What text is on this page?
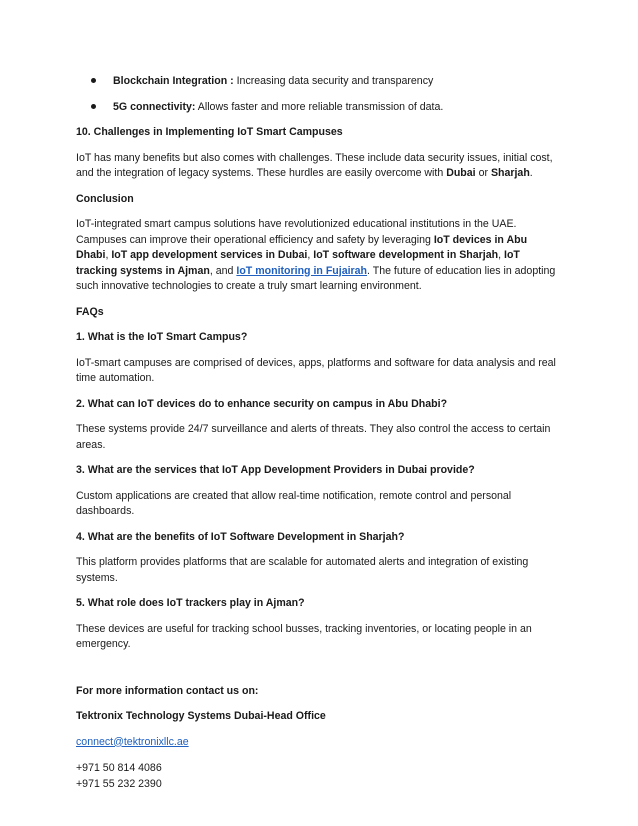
Blockchain Integration : Increasing data security and transparency
5G connectivity: Allows faster and more reliable transmission of data.

10. Challenges in Implementing IoT Smart Campuses

IoT has many benefits but also comes with challenges. These include data security issues, initial cost, and the integration of legacy systems. These hurdles are easily overcome with Dubai or Sharjah.

Conclusion

IoT-integrated smart campus solutions have revolutionized educational institutions in the UAE. Campuses can improve their operational efficiency and safety by leveraging IoT devices in Abu Dhabi, IoT app development services in Dubai, IoT software development in Sharjah, IoT tracking systems in Ajman, and IoT monitoring in Fujairah. The future of education lies in adopting such innovative technologies to create a truly smart learning environment.

FAQs

1. What is the IoT Smart Campus?

IoT-smart campuses are comprised of devices, apps, platforms and software for data analysis and real time automation.

2. What can IoT devices do to enhance security on campus in Abu Dhabi?

These systems provide 24/7 surveillance and alerts of threats. They also control the access to certain areas.

3. What are the services that IoT App Development Providers in Dubai provide?

Custom applications are created that allow real-time notification, remote control and personal dashboards.

4. What are the benefits of IoT Software Development in Sharjah?

This platform provides platforms that are scalable for automated alerts and integration of existing systems.

5. What role does IoT trackers play in Ajman?

These devices are useful for tracking school busses, tracking inventories, or locating people in an emergency.

For more information contact us on:

Tektronix Technology Systems Dubai-Head Office

connect@tektronixllc.ae

+971 50 814 4086
+971 55 232 2390
